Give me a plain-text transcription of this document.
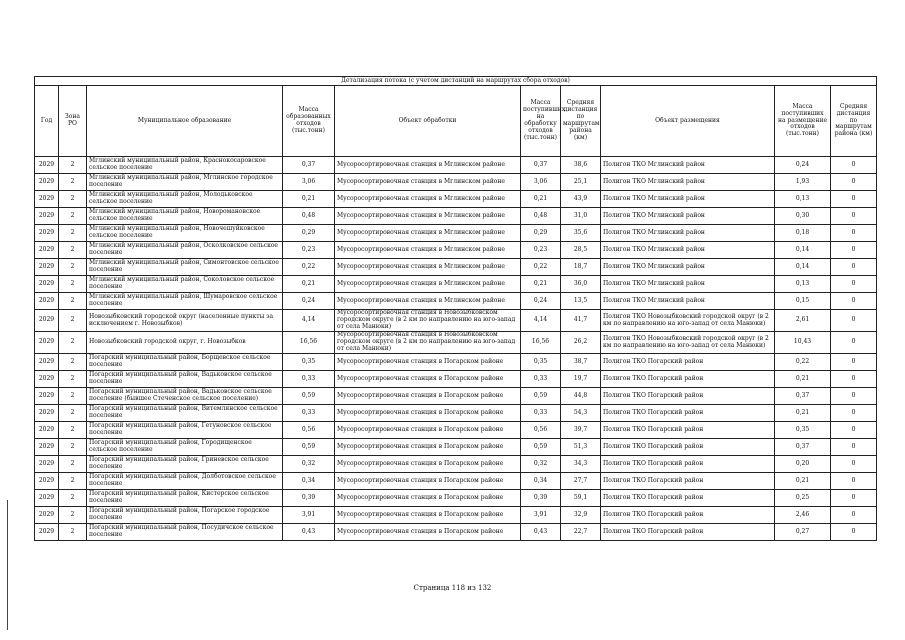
Детализация потока (с учетом дистанций на маршрутах сбора отходов)									
Год	Зона РО	Муниципальное образование	Масса образованных отходов (тыс.тонн)	Объект обработки	Масса поступивших на обработку отходов (тыс.тонн)	Средняя дистанция по маршрутам района (км)	Объект размещения	Масса поступивших на размещение отходов (тыс.тонн)	Средняя дистанция по маршрутам района (км)
2029	2	Мглинский муниципальный район, Краснокосаровское сельское поселение	0,37	Мусоросортировочная станция в Мглинском районе	0,37	38,6	Полигон ТКО Мглинский район	0,24	0
2029	2	Мглинский муниципальный район, Мглинское городское поселение	3,06	Мусоросортировочная станция в Мглинском районе	3,06	25,1	Полигон ТКО Мглинский район	1,93	0
2029	2	Мглинский муниципальный район, Молодьковское сельское поселение	0,21	Мусоросортировочная станция в Мглинском районе	0,21	43,9	Полигон ТКО Мглинский район	0,13	0
2029	2	Мглинский муниципальный район, Новоромановское сельское поселение	0,48	Мусоросортировочная станция в Мглинском районе	0,48	31,0	Полигон ТКО Мглинский район	0,30	0
2029	2	Мглинский муниципальный район, Новочешуйковское сельское поселение	0,29	Мусоросортировочная станция в Мглинском районе	0,29	35,6	Полигон ТКО Мглинский район	0,18	0
2029	2	Мглинский муниципальный район, Осколковское сельское поселение	0,23	Мусоросортировочная станция в Мглинском районе	0,23	28,5	Полигон ТКО Мглинский район	0,14	0
2029	2	Мглинский муниципальный район, Симонтовское сельское поселение	0,22	Мусоросортировочная станция в Мглинском районе	0,22	18,7	Полигон ТКО Мглинский район	0,14	0
2029	2	Мглинский муниципальный район, Соколовское сельское поселение	0,21	Мусоросортировочная станция в Мглинском районе	0,21	36,0	Полигон ТКО Мглинский район	0,13	0
2029	2	Мглинский муниципальный район, Шумаровское сельское поселение	0,24	Мусоросортировочная станция в Мглинском районе	0,24	13,5	Полигон ТКО Мглинский район	0,15	0
2029	2	Новозыбковский городской округ (населенные пункты за исключением г. Новозыбков)	4,14	Мусоросортировочная станция в Новозыбковском городском округе (в 2 км по направлению на юго-запад от села Манюки)	4,14	41,7	Полигон ТКО Новозыбковский городской округ (в 2 км по направлению на юго-запад от села Манюки)	2,61	0
2029	2	Новозыбковский городской округ, г. Новозыбков	16,56	Мусоросортировочная станция в Новозыбковском городском округе (в 2 км по направлению на юго-запад от села Манюки)	16,56	26,2	Полигон ТКО Новозыбковский городской округ (в 2 км по направлению на юго-запад от села Манюки)	10,43	0
2029	2	Погарский муниципальный район, Борщевское сельское поселение	0,35	Мусоросортировочная станция в Погарском районе	0,35	38,7	Полигон ТКО Погарский район	0,22	0
2029	2	Погарский муниципальный район, Вадьковское сельское поселение	0,33	Мусоросортировочная станция в Погарском районе	0,33	19,7	Полигон ТКО Погарский район	0,21	0
2029	2	Погарский муниципальный район, Вадьковское сельское поселение (бывшее Стеченское сельское поселение)	0,59	Мусоросортировочная станция в Погарском районе	0,59	44,8	Полигон ТКО Погарский район	0,37	0
2029	2	Погарский муниципальный район, Витемлянское сельское поселение	0,33	Мусоросортировочная станция в Погарском районе	0,33	54,3	Полигон ТКО Погарский район	0,21	0
2029	2	Погарский муниципальный район, Гетуновское сельское поселение	0,56	Мусоросортировочная станция в Погарском районе	0,56	39,7	Полигон ТКО Погарский район	0,35	0
2029	2	Погарский муниципальный район, Городищенское сельское поселение	0,59	Мусоросортировочная станция в Погарском районе	0,59	51,3	Полигон ТКО Погарский район	0,37	0
2029	2	Погарский муниципальный район, Гриневское сельское поселение	0,32	Мусоросортировочная станция в Погарском районе	0,32	34,3	Полигон ТКО Погарский район	0,20	0
2029	2	Погарский муниципальный район, Долботовское сельское поселение	0,34	Мусоросортировочная станция в Погарском районе	0,34	27,7	Полигон ТКО Погарский район	0,21	0
2029	2	Погарский муниципальный район, Кистерское сельское поселение	0,39	Мусоросортировочная станция в Погарском районе	0,39	59,1	Полигон ТКО Погарский район	0,25	0
2029	2	Погарский муниципальный район, Погарское городское поселение	3,91	Мусоросортировочная станция в Погарском районе	3,91	32,9	Полигон ТКО Погарский район	2,46	0
2029	2	Погарский муниципальный район, Посудичское сельское поселение	0,43	Мусоросортировочная станция в Погарском районе	0,43	22,7	Полигон ТКО Погарский район	0,27	0
Страница 118 из 132
